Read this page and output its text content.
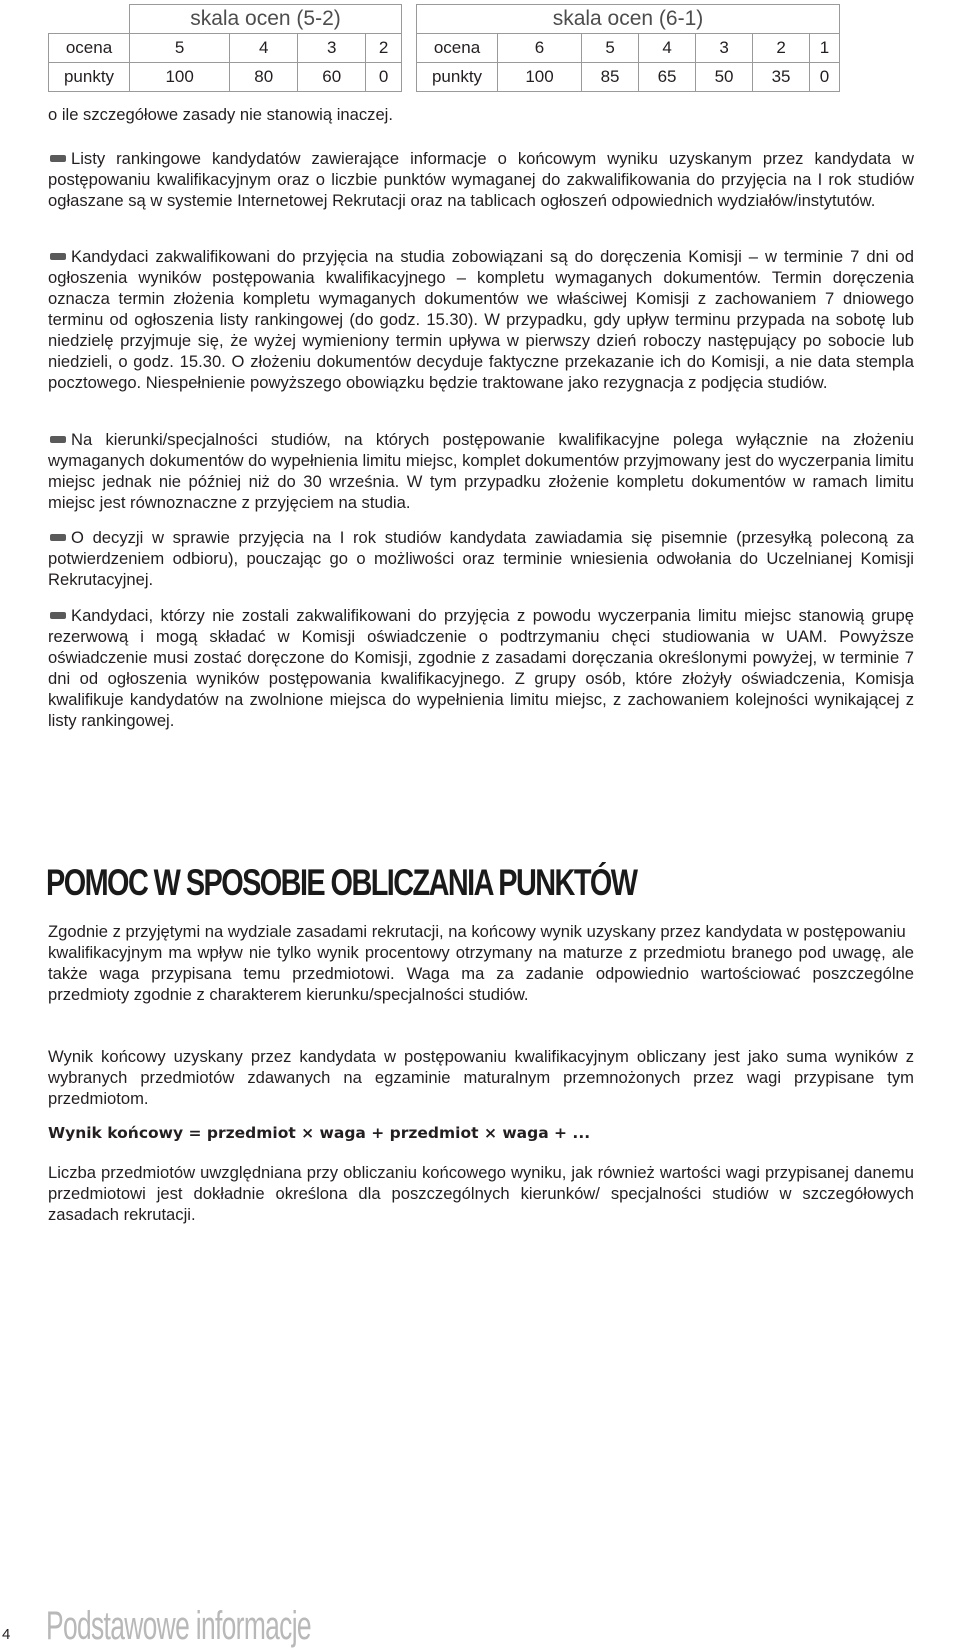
	skala ocen (5-2)			
ocena	5	4	3	2
punkty	100	80	60	0
skala ocen (6-1)						
ocena	6	5	4	3	2	1
punkty	100	85	65	50	35	0
o ile szczegółowe zasady nie stanowią inaczej.

Listy rankingowe kandydatów zawierające informacje o końcowym wyniku uzyskanym przez kandydata w postępowaniu kwalifikacyjnym oraz o liczbie punktów wymaganej do zakwalifikowania do przyjęcia na I rok studiów ogłaszane są w systemie Internetowej Rekrutacji oraz na tablicach ogłoszeń odpowiednich wydziałów/instytutów.

Kandydaci zakwalifikowani do przyjęcia na studia zobowiązani są do doręczenia Komisji – w terminie 7 dni od ogłoszenia wyników postępowania kwalifikacyjnego – kompletu wymaganych dokumentów. Termin doręczenia oznacza termin złożenia kompletu wymaganych dokumentów we właściwej Komisji z zachowaniem 7 dniowego terminu od ogłoszenia listy rankingowej (do godz. 15.30). W przypadku, gdy upływ terminu przypada na sobotę lub niedzielę przyjmuje się, że wyżej wymieniony termin upływa w pierwszy dzień roboczy następujący po sobocie lub niedzieli, o godz. 15.30. O złożeniu dokumentów decyduje faktyczne przekazanie ich do Komisji, a nie data stempla pocztowego. Niespełnienie powyższego obowiązku będzie traktowane jako rezygnacja z podjęcia studiów.

Na kierunki/specjalności studiów, na których postępowanie kwalifikacyjne polega wyłącznie na złożeniu wymaganych dokumentów do wypełnienia limitu miejsc, komplet dokumentów przyjmowany jest do wyczerpania limitu miejsc jednak nie później niż do 30 września. W tym przypadku złożenie kompletu dokumentów w ramach limitu miejsc jest równoznaczne z przyjęciem na studia.

O decyzji w sprawie przyjęcia na I rok studiów kandydata zawiadamia się pisemnie (przesyłką poleconą za potwierdzeniem odbioru), pouczając go o możliwości oraz terminie wniesienia odwołania do Uczelnianej Komisji Rekrutacyjnej.

Kandydaci, którzy nie zostali zakwalifikowani do przyjęcia z powodu wyczerpania limitu miejsc stanowią grupę rezerwową i mogą składać w Komisji oświadczenie o podtrzymaniu chęci studiowania w UAM. Powyższe oświadczenie musi zostać doręczone do Komisji, zgodnie z zasadami doręczania określonymi powyżej, w terminie 7 dni od ogłoszenia wyników postępowania kwalifikacyjnego. Z grupy osób, które złożyły oświadczenia, Komisja kwalifikuje kandydatów na zwolnione miejsca do wypełnienia limitu miejsc, z zachowaniem kolejności wynikającej z listy rankingowej.

POMOC W SPOSOBIE OBLICZANIA PUNKTÓW

Zgodnie z przyjętymi na wydziale zasadami rekrutacji, na końcowy wynik uzyskany przez kandydata w postępowaniu

kwalifikacyjnym ma wpływ nie tylko wynik procentowy otrzymany na maturze z przedmiotu branego pod uwagę, ale także waga przypisana temu przedmiotowi. Waga ma za zadanie odpowiednio wartościować poszczególne przedmioty zgodnie z charakterem kierunku/specjalności studiów.

Wynik końcowy uzyskany przez kandydata w postępowaniu kwalifikacyjnym obliczany jest jako suma wyników z wybranych przedmiotów zdawanych na egzaminie maturalnym przemnożonych przez wagi przypisane tym przedmiotom.

Wynik końcowy = przedmiot × waga + przedmiot × waga + ...

Liczba przedmiotów uwzględniana przy obliczaniu końcowego wyniku, jak również wartości wagi przypisanej danemu przedmiotowi jest dokładnie określona dla poszczególnych kierunków/ specjalności studiów w szczegółowych zasadach rekrutacji.

4 Podstawowe informacje
